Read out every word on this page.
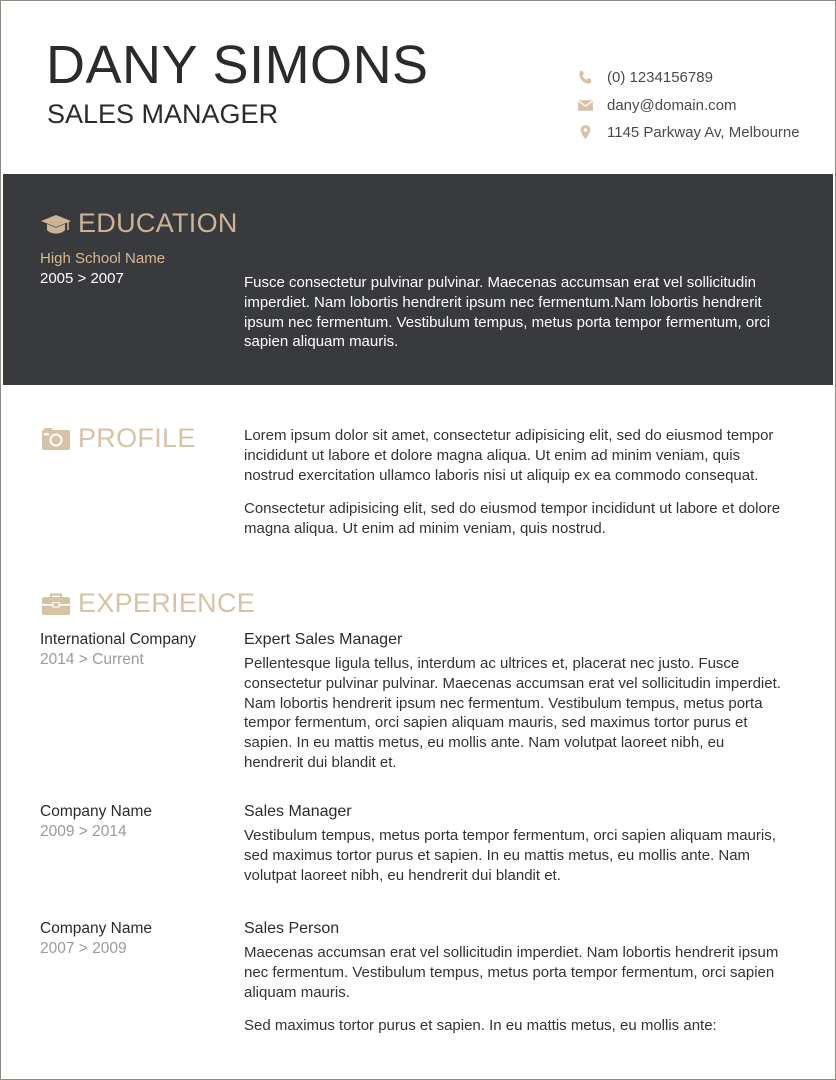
DANY SIMONS
SALES MANAGER
(0) 1234156789
dany@domain.com
1145 Parkway Av, Melbourne
EDUCATION
High School Name
2005 > 2007	Fusce consectetur pulvinar pulvinar. Maecenas accumsan erat vel sollicitudin imperdiet. Nam lobortis hendrerit ipsum nec fermentum.Nam lobortis hendrerit ipsum nec fermentum. Vestibulum tempus, metus porta tempor fermentum, orci sapien aliquam mauris.

PROFILE	Lorem ipsum dolor sit amet, consectetur adipisicing elit, sed do eiusmod tempor incididunt ut labore et dolore magna aliqua. Ut enim ad minim veniam, quis nostrud exercitation ullamco laboris nisi ut aliquip ex ea commodo consequat.

Consectetur adipisicing elit, sed do eiusmod tempor incididunt ut labore et dolore magna aliqua. Ut enim ad minim veniam, quis nostrud.

EXPERIENCE
International Company
2014 > Current
Expert Sales Manager

Pellentesque ligula tellus, interdum ac ultrices et, placerat nec justo. Fusce consectetur pulvinar pulvinar. Maecenas accumsan erat vel sollicitudin imperdiet. Nam lobortis hendrerit ipsum nec fermentum. Vestibulum tempus, metus porta tempor fermentum, orci sapien aliquam mauris, sed maximus tortor purus et sapien. In eu mattis metus, eu mollis ante. Nam volutpat laoreet nibh, eu hendrerit dui blandit et.

Company Name
2009 > 2014
Sales Manager

Vestibulum tempus, metus porta tempor fermentum, orci sapien aliquam mauris, sed maximus tortor purus et sapien. In eu mattis metus, eu mollis ante. Nam volutpat laoreet nibh, eu hendrerit dui blandit et.

Company Name
2007 > 2009
Sales Person

Maecenas accumsan erat vel sollicitudin imperdiet. Nam lobortis hendrerit ipsum nec fermentum. Vestibulum tempus, metus porta tempor fermentum, orci sapien aliquam mauris.

Sed maximus tortor purus et sapien. In eu mattis metus, eu mollis ante:
